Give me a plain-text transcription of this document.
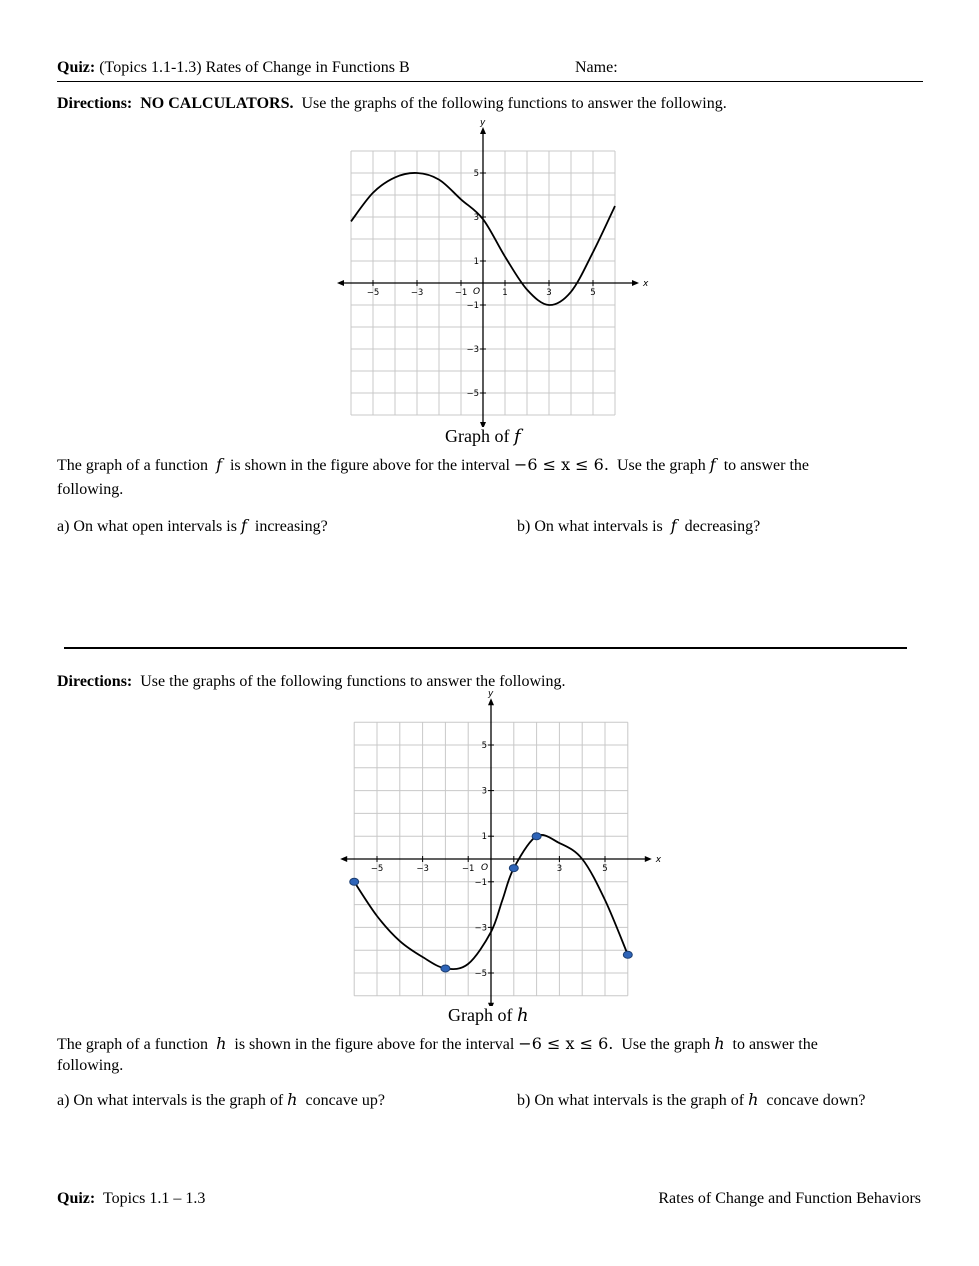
Quiz: (Topics 1.1-1.3) Rates of Change in Functions B	Name:
Directions: NO CALCULATORS. Use the graphs of the following functions to answer the following.
x
y
O
−5	−3	−1	1	3	5
5
3
1
−1
−3
−5
Graph of f
The graph of a function f is shown in the figure above for the interval −6 ≤ x ≤ 6. Use the graph f to answer the
following.
a) On what open intervals is f increasing?	b) On what intervals is f decreasing?
Directions: Use the graphs of the following functions to answer the following.
x
y
O
−5	−3	−1	3	5
5
3
1
−1
−3
−5
Graph of h
The graph of a function h is shown in the figure above for the interval −6 ≤ x ≤ 6. Use the graph h to answer the
following.
a) On what intervals is the graph of h concave up?	b) On what intervals is the graph of h concave down?
Quiz: Topics 1.1 – 1.3	Rates of Change and Function Behaviors
